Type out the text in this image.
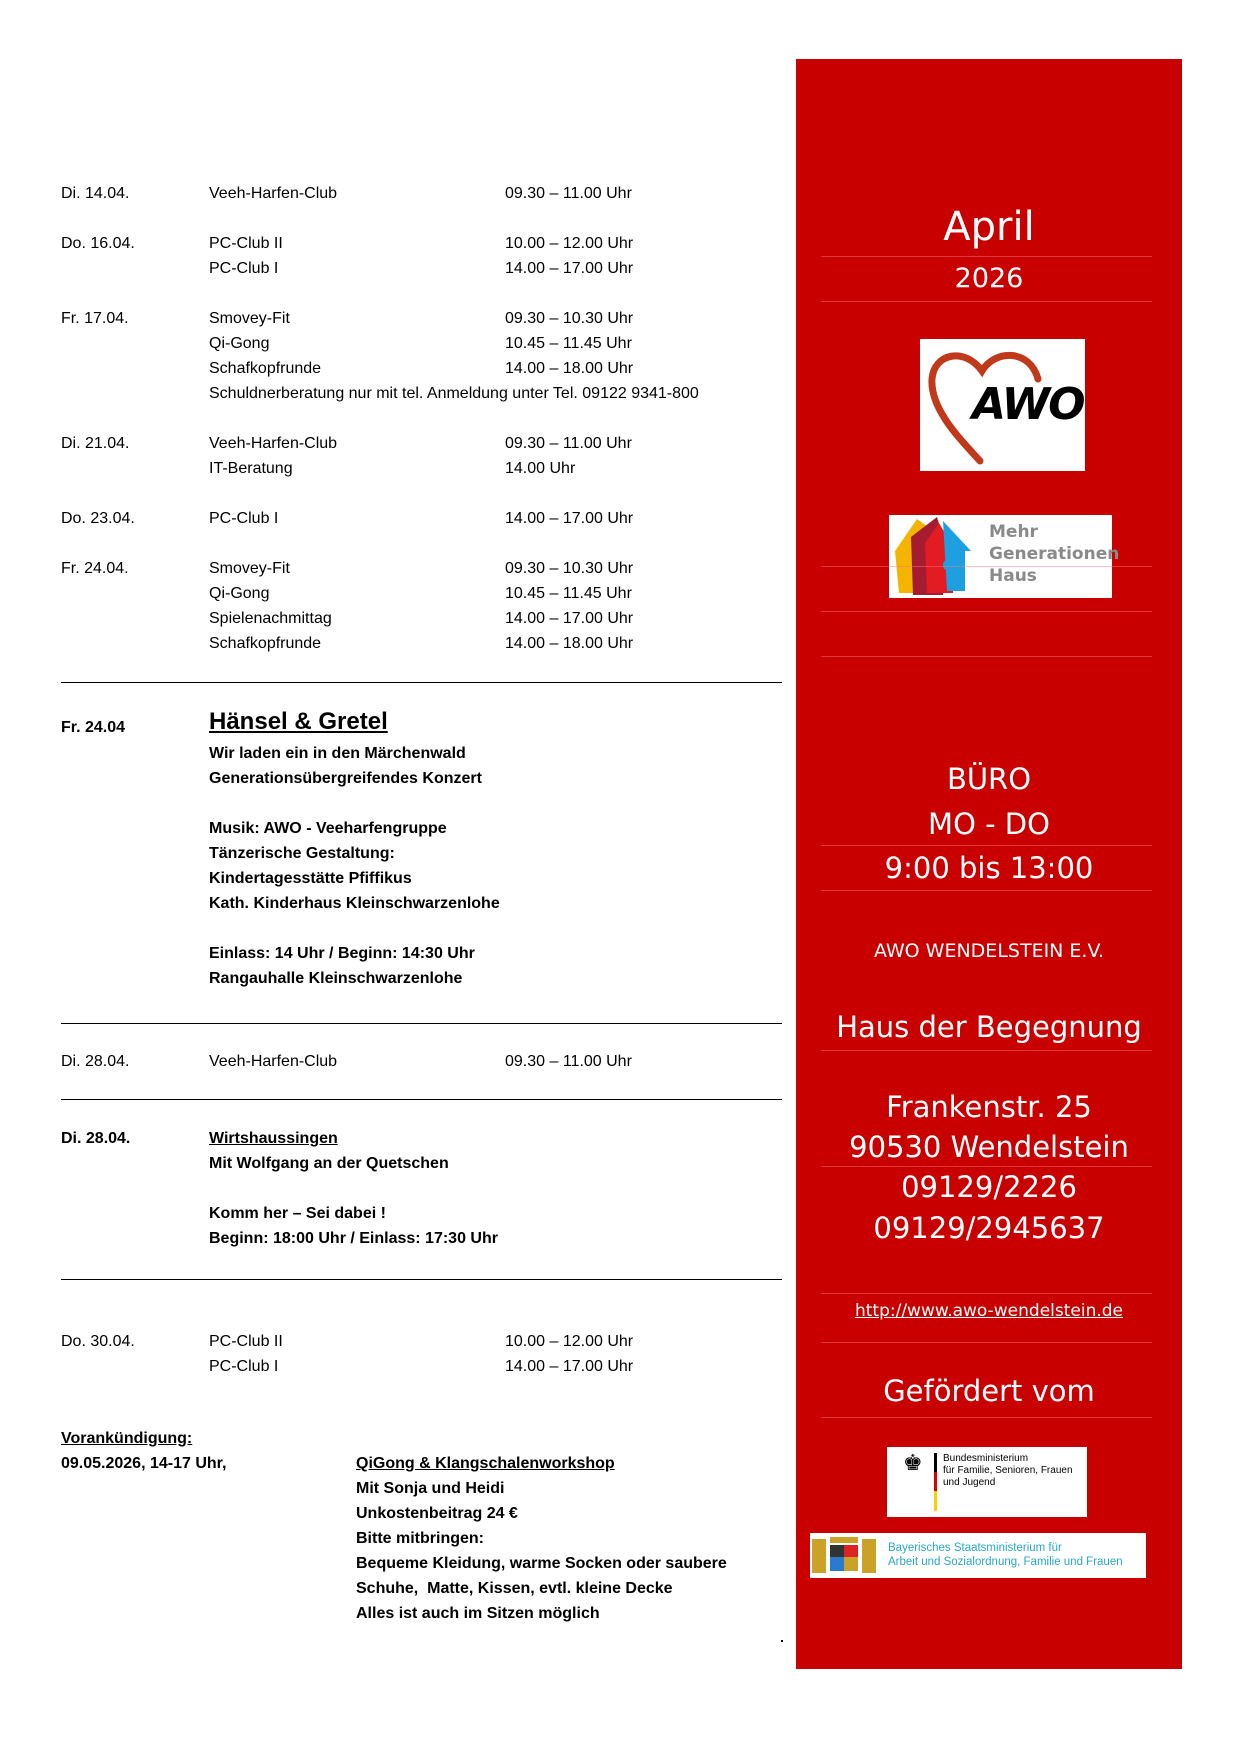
Di. 14.04.	Veeh-Harfen-Club	09.30 – 11.00 Uhr
Do. 16.04.	PC-Club II	10.00 – 12.00 Uhr
PC-Club I	14.00 – 17.00 Uhr
Fr. 17.04.	Smovey-Fit	09.30 – 10.30 Uhr
Qi-Gong	10.45 – 11.45 Uhr
Schafkopfrunde	14.00 – 18.00 Uhr
Schuldnerberatung nur mit tel. Anmeldung unter Tel. 09122 9341-800
Di. 21.04.	Veeh-Harfen-Club	09.30 – 11.00 Uhr
IT-Beratung	14.00 Uhr
Do. 23.04.	PC-Club I	14.00 – 17.00 Uhr
Fr. 24.04.	Smovey-Fit	09.30 – 10.30 Uhr
Qi-Gong	10.45 – 11.45 Uhr
Spielenachmittag	14.00 – 17.00 Uhr
Schafkopfrunde	14.00 – 18.00 Uhr
Fr. 24.04	Hänsel & Gretel
Wir laden ein in den Märchenwald
Generationsübergreifendes Konzert
Musik: AWO - Veeharfengruppe
Tänzerische Gestaltung:
Kindertagesstätte Pfiffikus
Kath. Kinderhaus Kleinschwarzenlohe
Einlass: 14 Uhr / Beginn: 14:30 Uhr
Rangauhalle Kleinschwarzenlohe
Di. 28.04.	Veeh-Harfen-Club	09.30 – 11.00 Uhr
Di. 28.04.	Wirtshaussingen
Mit Wolfgang an der Quetschen
Komm her – Sei dabei !
Beginn: 18:00 Uhr / Einlass: 17:30 Uhr
Do. 30.04.	PC-Club II	10.00 – 12.00 Uhr
PC-Club I	14.00 – 17.00 Uhr
Vorankündigung:
09.05.2026, 14-17 Uhr,	QiGong & Klangschalenworkshop
Mit Sonja und Heidi
Unkostenbeitrag 24 €
Bitte mitbringen:
Bequeme Kleidung, warme Socken oder saubere
Schuhe,  Matte, Kissen, evtl. kleine Decke
Alles ist auch im Sitzen möglich
April
2026
AWO
Mehr
Generationen
Haus
BÜRO
MO - DO
9:00 bis 13:00
AWO WENDELSTEIN E.V.
Haus der Begegnung
Frankenstr. 25
90530 Wendelstein
09129/2226
09129/2945637
http://www.awo-wendelstein.de
Gefördert vom
♚ Bundesministerium
für Familie, Senioren, Frauen
und Jugend
Bayerisches Staatsministerium für
Arbeit und Sozialordnung, Familie und Frauen
